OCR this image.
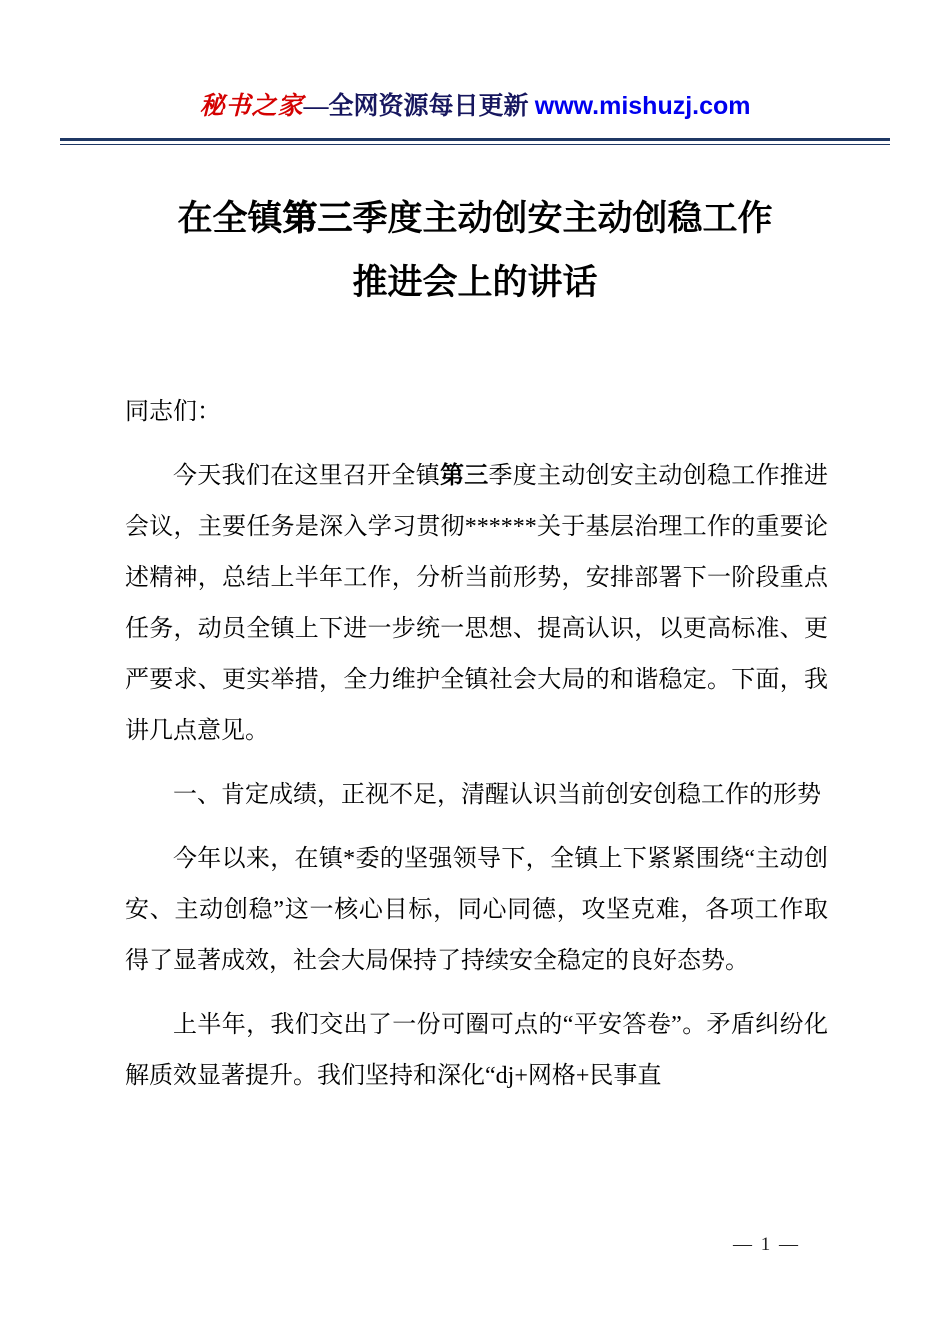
秘书之家—全网资源每日更新 www.mishuzj.com
在全镇第三季度主动创安主动创稳工作
推进会上的讲话

同志们：

今天我们在这里召开全镇第三季度主动创安主动创稳工作推进会议，主要任务是深入学习贯彻******关于基层治理工作的重要论述精神，总结上半年工作，分析当前形势，安排部署下一阶段重点任务，动员全镇上下进一步统一思想、提高认识，以更高标准、更严要求、更实举措，全力维护全镇社会大局的和谐稳定。下面，我讲几点意见。

一、肯定成绩，正视不足，清醒认识当前创安创稳工作的形势

今年以来，在镇*委的坚强领导下，全镇上下紧紧围绕“主动创安、主动创稳”这一核心目标，同心同德，攻坚克难，各项工作取得了显著成效，社会大局保持了持续安全稳定的良好态势。

上半年，我们交出了一份可圈可点的“平安答卷”。矛盾纠纷化解质效显著提升。我们坚持和深化“dj+网格+民事直

— 1 —
